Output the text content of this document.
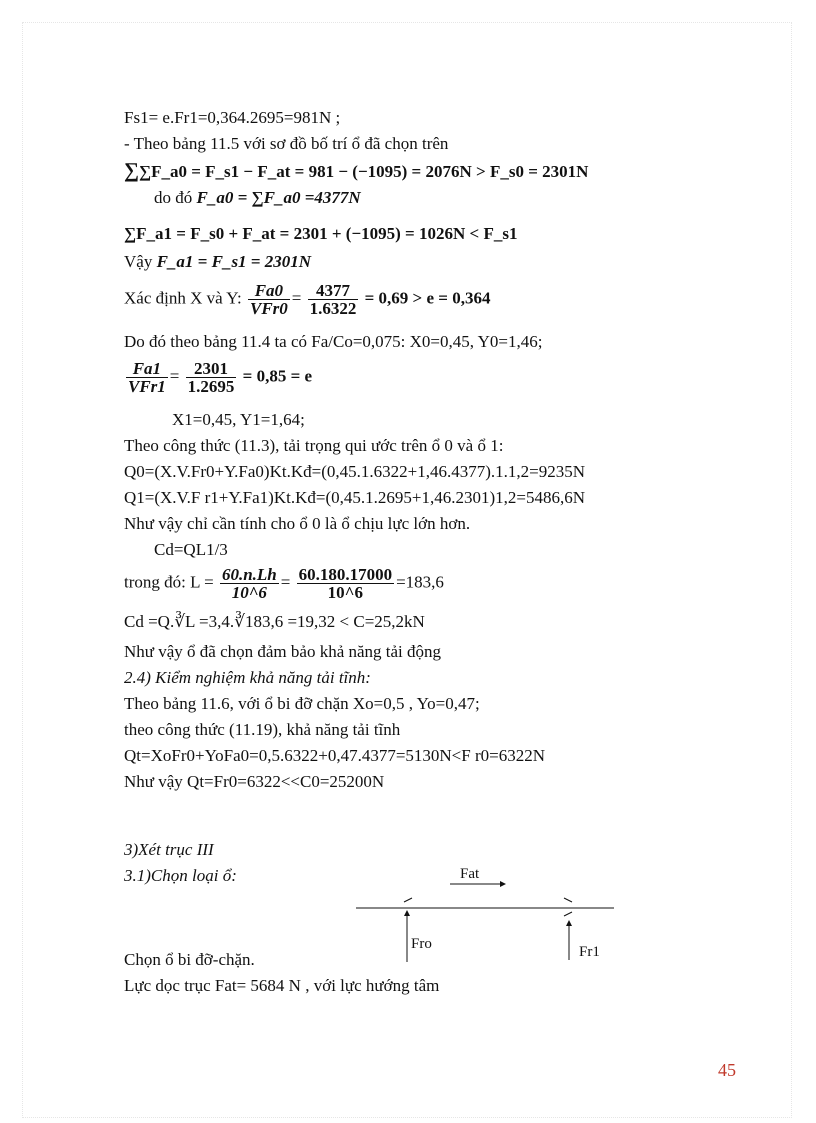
Fs1= e.Fr1=0,364.2695=981N ;
- Theo bảng 11.5 với sơ đồ bố trí ổ đã chọn trên
∑∑F_a0 = F_s1 − F_at = 981 − (−1095) = 2076N > F_s0 = 2301N
do đó F_a0 = ∑F_a0 =4377N
∑F_a1 = F_s0 + F_at = 2301 + (−1095) = 1026N < F_s1
Vậy F_a1 = F_s1 = 2301N
Xác định X và Y: $\frac{Fa0}{\text{VFr0}} = \frac{4377}{1.6322} = 0,69 > e = 0,364$
Do đó theo bảng 11.4 ta có Fa/Co=0,075: X0=0,45, Y0=1,46;
$\frac{Fa1}{\text{VFr1}} = \frac{2301}{1.2695} = 0,85 = e$
X1=0,45, Y1=1,64;
Theo công thức (11.3), tải trọng qui ước trên ổ 0 và ổ 1:
Q0=(X.V.Fr0+Y.Fa0)Kt.Kđ=(0,45.1.6322+1,46.4377).1.1,2=9235N
Q1=(X.V.F r1+Y.Fa1)Kt.Kđ=(0,45.1.2695+1,46.2301)1,2=5486,6N
Như vậy chỉ cần tính cho ổ 0 là ổ chịu lực lớn hơn.
Cd=QL1/3
trong đó: $L = \frac{60.n.Lh}{10\^{}6} = \frac{60.180.17000}{10\^{}6} =183,6$
Cd =Q.∛L =3,4.∛183,6 =19,32 < C=25,2kN
Như vậy ổ đã chọn đảm bảo khả năng tải động
2.4) Kiểm nghiệm khả năng tải tĩnh:
Theo bảng 11.6, với ổ bi đỡ chặn Xo=0,5 , Yo=0,47;
theo công thức (11.19), khả năng tải tĩnh
Qt=XoFr0+YoFa0=0,5.6322+0,47.4377=5130N<F r0=6322N
Như vậy Qt=Fr0=6322<<C0=25200N
3)Xét trục III
3.1)Chọn loại ổ:	Fat
Fro	Fr1
Chọn ổ bi đỡ-chặn.
Lực dọc trục Fat= 5684 N , với lực hướng tâm
45
